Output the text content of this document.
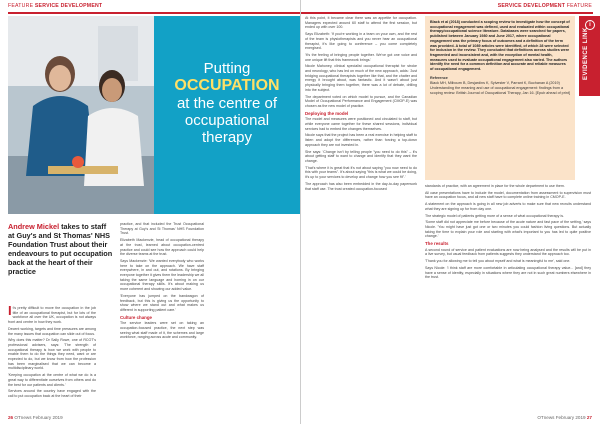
FEATURE SERVICE DEVELOPMENT
Putting
OCCUPATION
at the centre of
occupational therapy
Andrew Mickel takes to staff at Guy's and St Thomas' NHS Foundation Trust about their endeavours to put occupation back at the heart of their practice

It's pretty difficult to move the occupation in the job title of an occupational therapist, but for lots of the workforce all over the UK, occupation is not always front and centre in how they work.

Decent working, targets and time pressures are among the many issues that occupation can slide out of focus.

Why does this matter? Dr Sally Rowe, one of RCOT's professional advisers, says: 'The strength of occupational therapy is how we work with people to enable them to do the things they need, want or are expected to do, but we know from how the profession has been marginalised that we can become a multidisciplinary world.

'Keeping occupation at the centre of what we do is a great way to differentiate ourselves from others and do the best for our patients and clients.'

Services around the country have engaged with the call to put occupation back at the heart of their

practice, and that included the Trust Occupational Therapy at Guy's and St Thomas' NHS Foundation Trust.

Elizabeth Mackenzie, head of occupational therapy at the trust, learned about occupation-centred practice and could see how the approach could help the diverse teams at the trust.

Says Mackenzie: 'We wanted everybody who works here to take on the approach. We have staff everywhere, in and out, and rotations. By bringing everyone together it gives them the leadership we all taking the same language and homing in on our occupational therapy skills. It's about making us more coherent and showing our added value.

'Everyone has jumped on the bandwagon of feedback, but this is giving us the opportunity to show where we stand out and what makes us different in supporting patient care.'

Culture change

The service leaders were set on taking an occupation-focused practice, the next step was seeing what staff made of it, the schemes and large workforce, ranging across acute and community.

26 OTnews February 2019
SERVICE DEVELOPMENT FEATURE

At this point, it became clear there was an appetite for occupation. Managers expected around 60 staff to attend the first session, but ended up with over 100.

Says Elizabeth: 'If you're working in a team on your own, and the rest of the team is physiotherapists and you never hear an occupational therapist, it's like going to conference – you come completely energised.

'It's the feeling of bringing people together. We've got one voice and one unique lift that this framework brings.'

Nicole Mahoney, clinical specialist occupational therapist for stroke and neurology, who has led on much of the new approach, adds: 'Just bridging occupational therapists together like that, and the chatter and energy it brought about, was fantastic. And it wasn't about just physically bringing them together, there was a lot of debate, drilling into the subject.

The department voted on which model to pursue, and the Canadian Model of Occupational Performance and Engagement (CMOP-E) was chosen as the new model of practice.

Deploying the model

The model and measures were positioned and circulated to staff, but while everyone came together for these shared sessions, individual services had to embed the changes themselves.

Nicole says that the project has been a real exercise in helping staff to listen and adopt the differences, rather than forcing a top-down approach they are not invested in.

She says: 'Change isn't by telling people "you need to do this" – it's about getting staff to want to change and identify that they want the change.

'That's where it is great that it's not about saying "you now need to do this with your teams". It's about saying "this is what we could be doing, it's up to your services to develop and change how you see fit".'

The approach has also been embedded in the day-to-day paperwork that staff use. The trust created occupation-focused

Black et al (2018) conducted a scoping review to investigate how the concept of occupational engagement was defined, used and evaluated within occupational therapy/occupational science literature. Databases were searched for papers, published between January 1980 and June 2017, where occupational engagement was the primary focus of outcomes and a definition of the term was provided. A total of 1089 articles were identified, of which 28 were selected for inclusion in the review. They concluded that definitions across studies were fragmented and inconsistent and, with the exception of mental health, measures used to evaluate occupational engagement also varied. The authors identify the need for a common definition and accurate and reliable measures of occupational engagement.

Reference

Black MH, Milbourn B, Desjardins K, Sylvester V, Parrant K, Buchanan A (2019) Understanding the meaning and use of occupational engagement: findings from a scoping review. British Journal of Occupational Therapy, Jan 16. [Epub ahead of print]

i
EVIDENCE LINK

standards of practice, with an agreement in place for the whole department to use them.

All case presentations have to include the model, documentation from assessment to supervision must have an occupation focus, and all new staff have to complete online training in CMOP-E.

A statement on the approach is going in all new job adverts to make sure that new recruits understand what they are signing up for from day one.

The strategic model of patients getting more of a sense of what occupational therapy is.

'Some staff did not appreciate me before because of the acute nature and fast pace of the setting,' says Nicole. 'You might have just got one or two minutes you could fashion living questions. But actually taking the time to explain your role and starting with what's important to you has led to quite positive change.'

The results

A second round of service and patient evaluations are now being analysed and the results will be put in a live survey, but usual feedback from patients suggests they understand the approach too.

'Thank you for allowing me to tell you about myself and what is meaningful to me', said one.

Says Nicole: 'I think staff are more comfortable in articulating occupational therapy value... [and] they have a sense of identity, especially in situations where they are not in such great numbers elsewhere in the trust.

OTnews February 2019 27
